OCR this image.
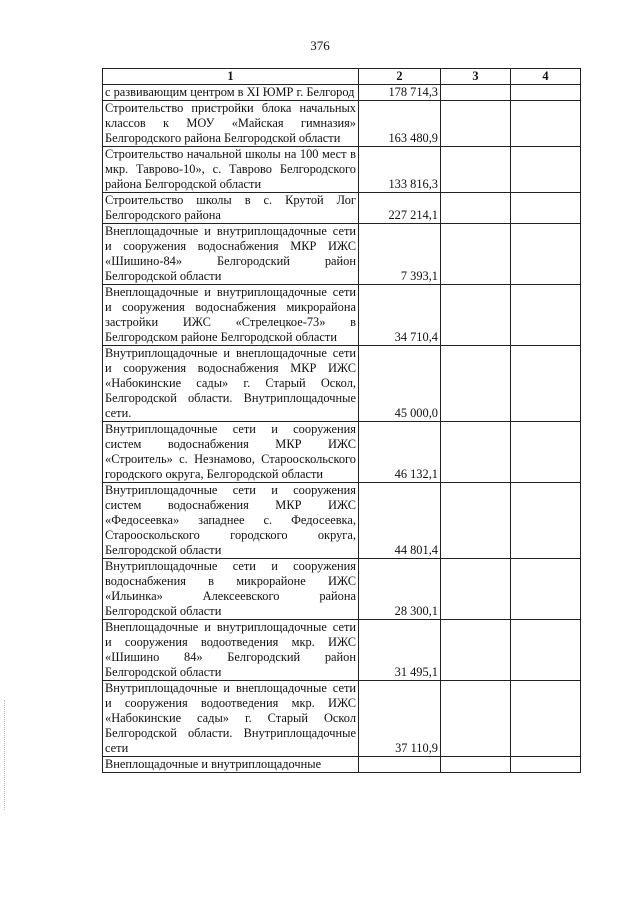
376
1	2	3	4
с развивающим центром в XI ЮМР г. Белгород	178 714,3		
Строительство пристройки блока начальных классов к МОУ «Майская гимназия» Белгородского района Белгородской области	163 480,9		
Строительство начальной школы на 100 мест в мкр. Таврово-10», с. Таврово Белгородского района Белгородской области	133 816,3		
Строительство школы в с. Крутой Лог Белгородского района	227 214,1		
Внеплощадочные и внутриплощадочные сети и сооружения водоснабжения МКР ИЖС «Шишино-84» Белгородский район Белгородской области	7 393,1		
Внеплощадочные и внутриплощадочные сети и сооружения водоснабжения микрорайона застройки ИЖС «Стрелецкое-73» в Белгородском районе Белгородской области	34 710,4		
Внутриплощадочные и внеплощадочные сети и сооружения водоснабжения МКР ИЖС «Набокинские сады» г. Старый Оскол, Белгородской области. Внутриплощадочные сети.	45 000,0		
Внутриплощадочные сети и сооружения систем водоснабжения МКР ИЖС «Строитель» с. Незнамово, Старооскольского городского округа, Белгородской области	46 132,1		
Внутриплощадочные сети и сооружения систем водоснабжения МКР ИЖС «Федосеевка» западнее с. Федосеевка, Старооскольского городского округа, Белгородской области	44 801,4		
Внутриплощадочные сети и сооружения водоснабжения в микрорайоне ИЖС «Ильинка» Алексеевского района Белгородской области	28 300,1		
Внеплощадочные и внутриплощадочные сети и сооружения водоотведения мкр. ИЖС «Шишино 84» Белгородский район Белгородской области	31 495,1		
Внутриплощадочные и внеплощадочные сети и сооружения водоотведения мкр. ИЖС «Набокинские сады» г. Старый Оскол Белгородской области. Внутриплощадочные сети	37 110,9		
Внеплощадочные и внутриплощадочные			
